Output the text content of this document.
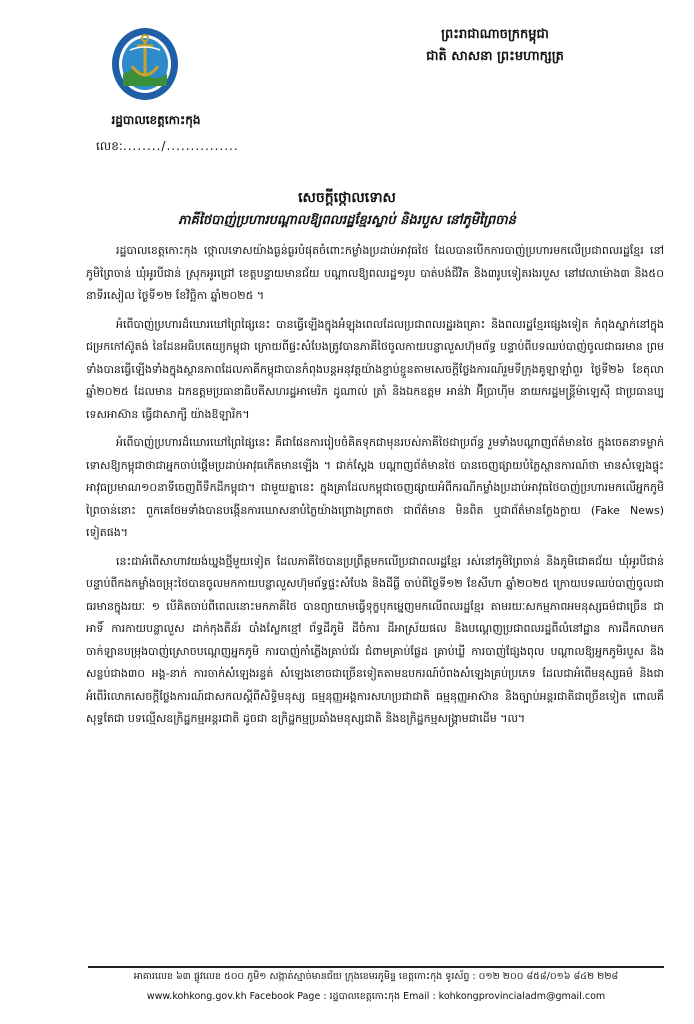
រដ្ឋបាលខេត្តកោះកុង
លេខ:......../...............
ព្រះរាជាណាចក្រកម្ពុជា
ជាតិ សាសនា ព្រះមហាក្សត្រ
សេចក្តីថ្កោលទោស
ភាគីថៃបាញ់ប្រហារបណ្តាលឱ្យពលរដ្ឋខ្មែរស្លាប់ និងរបួស នៅភូមិព្រៃចាន់

រដ្ឋបាលខេត្តកោះកុង ថ្កោលទោសយ៉ាងធ្ងន់ធ្ងរបំផុតចំពោះកម្លាំងប្រដាប់អាវុធថៃ ដែលបានបើកការបាញ់ប្រហារមកលើប្រជាពលរដ្ឋខ្មែរ នៅភូមិព្រៃចាន់ ឃុំអូរបីជាន់ ស្រុកអូរជ្រៅ ខេត្តបន្ទាយមានជ័យ បណ្តាលឱ្យពលរដ្ឋ១រូប បាត់បង់ជីវិត និង៣រូបទៀតរងរបួស នៅវេលាម៉ោង៣ និង៥០ នាទីរសៀល ថ្ងៃទី១២ ខែវិច្ឆិកា ឆ្នាំ២០២៥ ។

អំពើបាញ់ប្រហារដ៏ឃោរឃៅព្រៃផ្សៃនេះ បានធ្វើឡើងក្នុងអំឡុងពេលដែលប្រជាពលរដ្ឋរងគ្រោះ និងពលរដ្ឋខ្មែរផ្សេងទៀត កំពុងស្នាក់នៅក្នុងជម្រកកៅស៊ូតង់ នៃដែនអធិបតេយ្យកម្ពុជា ក្រោយពីផ្ទះសំបែងត្រូវបានភាគីថៃចូលកាយបន្លាលួសហ៊ុមព័ទ្ធ បន្ទាប់ពីបទឈប់បាញ់ចូលជាធរមាន ព្រមទាំងបានធ្វើឡើងទាំងក្នុងស្ថានភាពដែលភាគីកម្ពុជាបានកំពុងបន្តអនុវត្តយ៉ាងខ្ជាប់ខ្ជួនតាមសេចក្តីថ្លែងការណ៍រួមទីក្រុងគូឡាឡាំពួរ ថ្ងៃទី២៦ ខែតុលា ឆ្នាំ២០២៥ ដែលមាន ឯកឧត្តមប្រធានាធិបតីសហរដ្ឋអាមេរិក ដូណាល់ ត្រាំ និងឯកឧត្តម អាន់វ៉ា អ៊ីប្រាហ៊ីម នាយករដ្ឋមន្ត្រីម៉ាឡេស៊ី ជាប្រធានប្បទេសអាស៊ាន ធ្វើជាសាក្សី យ៉ាងឱឡារិក។

អំពើបាញ់ប្រហារដ៏ឃោរឃៅព្រៃផ្សៃនេះ គឺជាផែនការរៀបចំគិតទុកជាមុនរបស់ភាគីថៃជាប្រព័ន្ធ រួមទាំងបណ្តាញព័ត៌មានថៃ ក្នុងចេតនាទម្លាក់ទោសឱ្យកម្ពុជាថាជាអ្នកចាប់ផ្តើមប្រដាប់អាវុធកើតមានឡើង ។ ជាក់ស្តែង បណ្តាញព័ត៌មានថៃ បានចេញផ្សាយបំភ្លៃស្ថានការណ៍ថា មានសំឡេងផ្ទុះអាវុធប្រមាណ១០នាទីចេញពីទឹកដីកម្ពុជា។ ជាមួយគ្នានេះ ក្នុងគ្រាដែលកម្ពុជាចេញផ្សាយអំពីករណីកម្លាំងប្រដាប់អាវុធថៃបាញ់ប្រហារមកលើអ្នកភូមិព្រៃចាន់នោះ ពួកគេថែមទាំងបានបង្កើនការឃោសនាបំភ្លៃយ៉ាងព្រោងព្រាតថា ជាព័ត៌មាន មិនពិត ឬជាព័ត៌មានក្លែងក្លាយ (Fake News) ទៀតផង។

នេះជាអំពើសាហាវយង់ឃ្នងថ្មីមួយទៀត ដែលភាគីថៃបានប្រព្រឹត្តមកលើប្រជាពលរដ្ឋខ្មែរ រស់នៅភូមិព្រៃចាន់ និងភូមិជោគជ័យ ឃុំអូរបីជាន់ បន្ទាប់ពីកងកម្លាំងចម្រុះថៃបានចូលមកកាយបន្លាលួសហ៊ុមព័ទ្ធផ្ទះសំបែង និងដីធ្លី ចាប់ពីថ្ងៃទី១២ ខែសីហា ឆ្នាំ២០២៥ ក្រោយបទឈប់បាញ់ចូលជាធរមានក្នុងរយៈ ១ បើគិតចាប់ពីពេលនោះមកភាគីថៃ បានព្យាយាមធ្វើទុក្ខបុកម្នេញមកលើពលរដ្ឋខ្មែរ តាមរយៈសកម្មភាពអមនុស្សធម៌ជាច្រើន ជាអាទិ៍ ការកាយបន្លាលួស ដាក់កុងតឺន័រ បាំងស្លែកខ្មៅ ព័ទ្ធដីភូមិ ដីចំការ ដីអាស្រ័យផល និងបណ្តេញប្រជាពលរដ្ឋពីលំនៅដ្ឋាន ការដឹកលាមកចាក់ឡានបម្រុងបាញ់ស្រោចបណ្តេញអ្នកភូមិ ការបាញ់កាំភ្លើងគ្រាប់ជ័រ ជំពាមគ្រាប់ផ្លែដ គ្រាប់ឃ្លី ការបាញ់ផ្សែងពុល បណ្តាលឱ្យអ្នកភូមិរបួស និងសន្លប់ជាង៣០ អង្គ-នាក់ ការចាក់សំឡេងរន្ទត់ សំឡេងខោចជាច្រើនទៀតតាមឧបករណ៍បំពងសំឡេងគ្រប់ប្រភេទ ដែលជាអំពើមនុស្សធម៌ និងជាអំពើរំលោភសេចក្តីថ្លែងការណ៍ជាសកលស្តីពីសិទ្ធិមនុស្ស ធម្មនុញ្ញអង្គការសហប្រជាជាតិ ធម្មនុញ្ញអាស៊ាន និងច្បាប់អន្តរជាតិជាច្រើនទៀត ពោលគឺសុទ្ធតែជា បទល្មើសឧក្រិដ្ឋកម្មអន្តរជាតិ ដូចជា ឧក្រិដ្ឋកម្មប្រឆាំងមនុស្សជាតិ និងឧក្រិដ្ឋកម្មសង្គ្រាមជាដើម ។ល។

អាគារលេខ ៦៣ ផ្លូវលេខ ៥០០ ភូមិ១ សង្កាត់ស្មាច់មានជ័យ ក្រុងខេមរភូមិន្ទ ខេត្តកោះកុង ទូរស័ព្ទ : ០១២ ២០០ ៨៥៨/០១៦ ៨៤២ ២២៨
www.kohkong.gov.kh Facebook Page : រដ្ឋបាលខេត្តកោះកុង Email : kohkongprovincialadm@gmail.com
